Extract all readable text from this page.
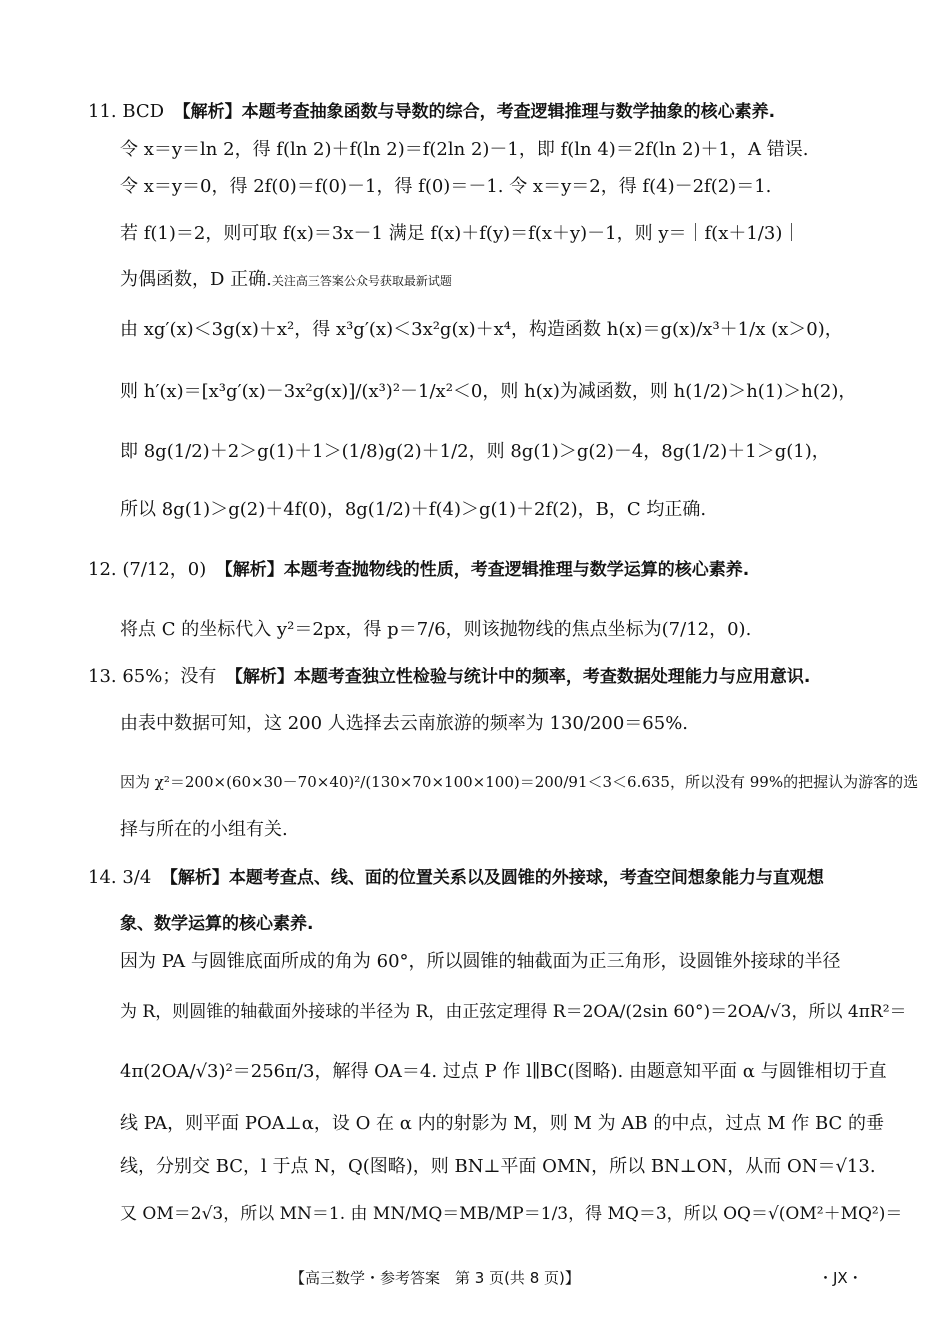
11. BCD　【解析】本题考查抽象函数与导数的综合，考查逻辑推理与数学抽象的核心素养.
令 x＝y＝ln 2，得 f(ln 2)＋f(ln 2)＝f(2ln 2)－1，即 f(ln 4)＝2f(ln 2)＋1，A 错误.
令 x＝y＝0，得 2f(0)＝f(0)－1，得 f(0)＝－1. 令 x＝y＝2，得 f(4)－2f(2)＝1.
若 f(1)＝2，则可取 f(x)＝3x－1 满足 f(x)＋f(y)＝f(x＋y)－1，则 y＝｜f(x＋1/3)｜
为偶函数，D 正确.关注高三答案公众号获取最新试题
由 xg′(x)＜3g(x)＋x²，得 x³g′(x)＜3x²g(x)＋x⁴，构造函数 h(x)＝g(x)/x³＋1/x (x＞0)，
则 h′(x)＝[x³g′(x)－3x²g(x)]/(x³)²－1/x²＜0，则 h(x)为减函数，则 h(1/2)＞h(1)＞h(2)，
即 8g(1/2)＋2＞g(1)＋1＞(1/8)g(2)＋1/2，则 8g(1)＞g(2)－4，8g(1/2)＋1＞g(1)，
所以 8g(1)＞g(2)＋4f(0)，8g(1/2)＋f(4)＞g(1)＋2f(2)，B，C 均正确.
12. (7/12，0)　【解析】本题考查抛物线的性质，考查逻辑推理与数学运算的核心素养.
将点 C 的坐标代入 y²＝2px，得 p＝7/6，则该抛物线的焦点坐标为(7/12，0).
13. 65%；没有　【解析】本题考查独立性检验与统计中的频率，考查数据处理能力与应用意识.
由表中数据可知，这 200 人选择去云南旅游的频率为 130/200＝65%.
因为 χ²＝200×(60×30－70×40)²/(130×70×100×100)＝200/91＜3＜6.635，所以没有 99%的把握认为游客的选
择与所在的小组有关.
14. 3/4　【解析】本题考查点、线、面的位置关系以及圆锥的外接球，考查空间想象能力与直观想
象、数学运算的核心素养.
因为 PA 与圆锥底面所成的角为 60°，所以圆锥的轴截面为正三角形，设圆锥外接球的半径
为 R，则圆锥的轴截面外接球的半径为 R，由正弦定理得 R＝2OA/(2sin 60°)＝2OA/√3，所以 4πR²＝
4π(2OA/√3)²＝256π/3，解得 OA＝4. 过点 P 作 l∥BC(图略). 由题意知平面 α 与圆锥相切于直
线 PA，则平面 POA⊥α，设 O 在 α 内的射影为 M，则 M 为 AB 的中点，过点 M 作 BC 的垂
线，分别交 BC，l 于点 N，Q(图略)，则 BN⊥平面 OMN，所以 BN⊥ON，从而 ON＝√13.
又 OM＝2√3，所以 MN＝1. 由 MN/MQ＝MB/MP＝1/3，得 MQ＝3，所以 OQ＝√(OM²＋MQ²)＝
【高三数学・参考答案　第 3 页(共 8 页)】	・JX・
